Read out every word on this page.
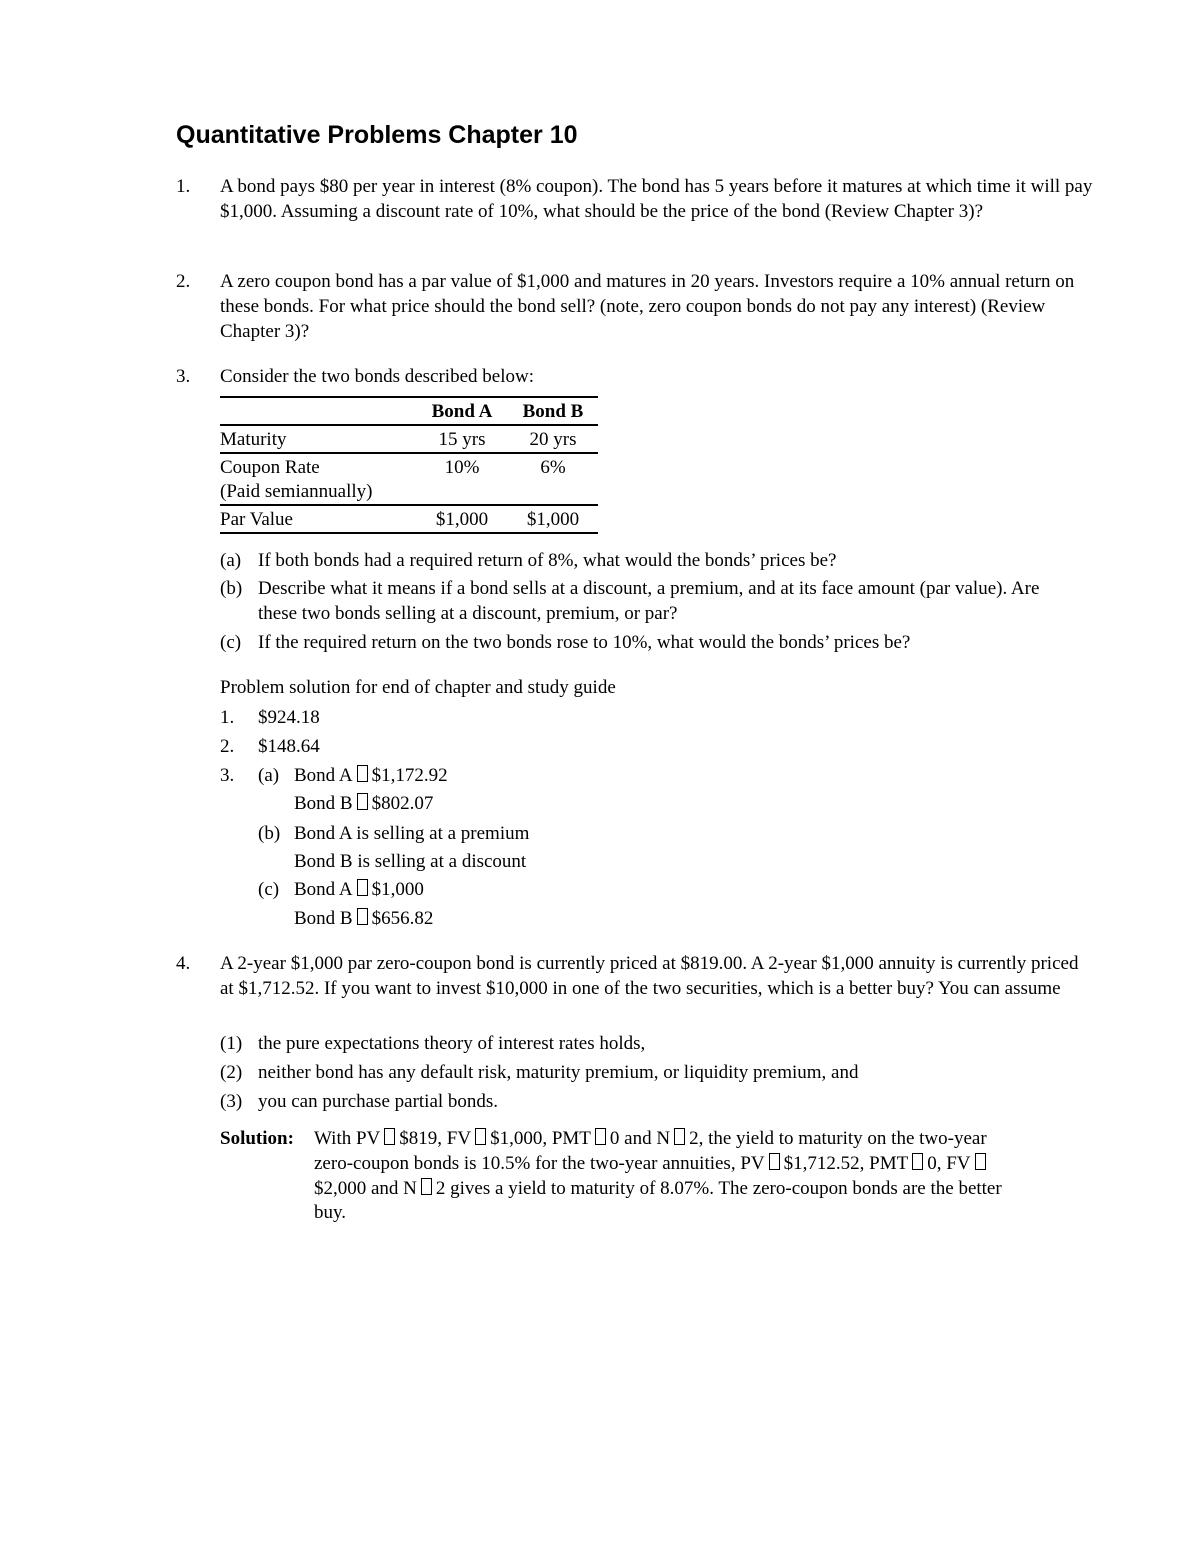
Quantitative Problems Chapter 10
1.	A bond pays $80 per year in interest (8% coupon). The bond has 5 years before it matures at which time it will pay $1,000. Assuming a discount rate of 10%, what should be the price of the bond (Review Chapter 3)?
2.	A zero coupon bond has a par value of $1,000 and matures in 20 years. Investors require a 10% annual return on these bonds. For what price should the bond sell? (note, zero coupon bonds do not pay any interest) (Review Chapter 3)?
3.	Consider the two bonds described below:
	Bond A	Bond B
Maturity	15 yrs	20 yrs
Coupon Rate
(Paid semiannually)	10%	6%
Par Value	$1,000	$1,000
(a) If both bonds had a required return of 8%, what would the bonds’ prices be?
(b) Describe what it means if a bond sells at a discount, a premium, and at its face amount (par value). Are these two bonds selling at a discount, premium, or par?
(c) If the required return on the two bonds rose to 10%, what would the bonds’ prices be?
Problem solution for end of chapter and study guide
1.	$924.18
2.	$148.64
3.	(a) Bond A $1,172.92
Bond B $802.07
(b) Bond A is selling at a premium
Bond B is selling at a discount
(c) Bond A $1,000
Bond B $656.82
4.	A 2-year $1,000 par zero-coupon bond is currently priced at $819.00. A 2-year $1,000 annuity is currently priced at $1,712.52. If you want to invest $10,000 in one of the two securities, which is a better buy? You can assume
(1) the pure expectations theory of interest rates holds,
(2) neither bond has any default risk, maturity premium, or liquidity premium, and
(3) you can purchase partial bonds.
Solution: With PV $819, FV $1,000, PMT 0 and N 2, the yield to maturity on the two-year
zero-coupon bonds is 10.5% for the two-year annuities, PV $1,712.52, PMT 0, FV
$2,000 and N 2 gives a yield to maturity of 8.07%. The zero-coupon bonds are the better
buy.
